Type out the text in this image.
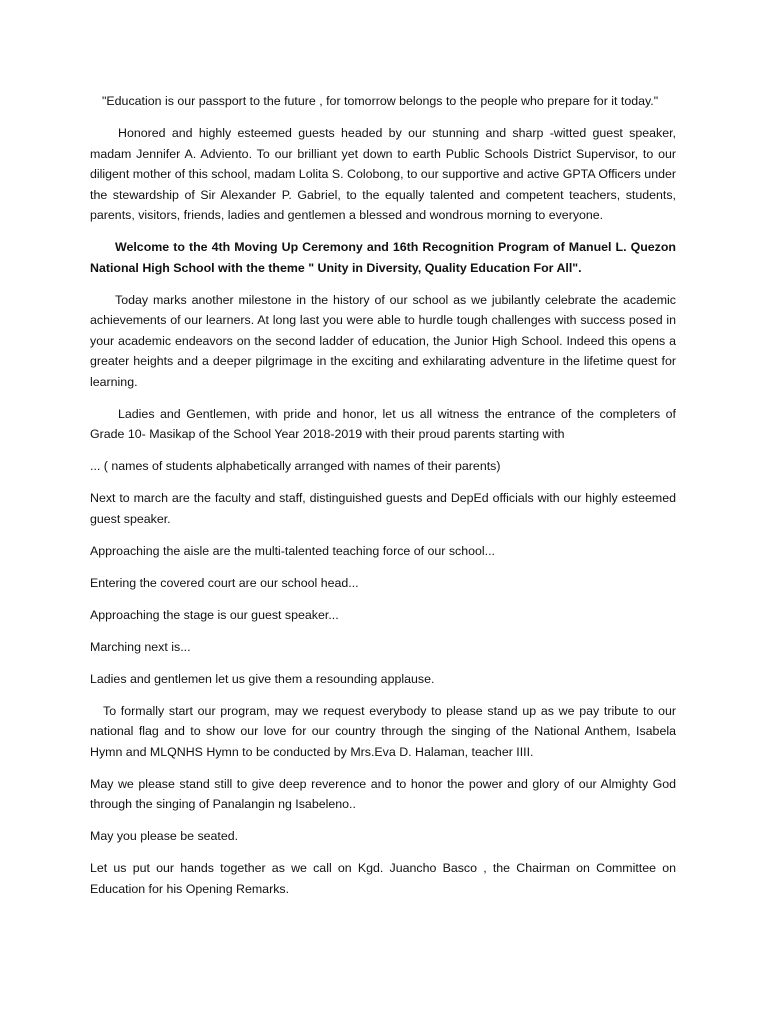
"Education is our passport to the future , for tomorrow belongs to the people who prepare for it today."

Honored and highly esteemed guests headed by our stunning and sharp -witted guest speaker, madam Jennifer A. Adviento. To our brilliant yet down to earth Public Schools District Supervisor, to our diligent mother of this school, madam Lolita S. Colobong, to our supportive and active GPTA Officers under the stewardship of Sir Alexander P. Gabriel, to the equally talented and competent teachers, students, parents, visitors, friends, ladies and gentlemen a blessed and wondrous morning to everyone.

Welcome to the 4th Moving Up Ceremony and 16th Recognition Program of Manuel L. Quezon National High School with the theme " Unity in Diversity, Quality Education For All".

Today marks another milestone in the history of our school as we jubilantly celebrate the academic achievements of our learners. At long last you were able to hurdle tough challenges with success posed in your academic endeavors on the second ladder of education, the Junior High School. Indeed this opens a greater heights and a deeper pilgrimage in the exciting and exhilarating adventure in the lifetime quest for learning.

Ladies and Gentlemen, with pride and honor, let us all witness the entrance of the completers of Grade 10- Masikap of the School Year 2018-2019 with their proud parents starting with

... ( names of students alphabetically arranged with names of their parents)

Next to march are the faculty and staff, distinguished guests and DepEd officials with our highly esteemed guest speaker.

Approaching the aisle are the multi-talented teaching force of our school...

Entering the covered court are our school head...

Approaching the stage is our guest speaker...

Marching next is...

Ladies and gentlemen let us give them a resounding applause.

To formally start our program, may we request everybody to please stand up as we pay tribute to our national flag and to show our love for our country through the singing of the National Anthem, Isabela Hymn and MLQNHS Hymn to be conducted by Mrs.Eva D. Halaman, teacher IIII.

May we please stand still to give deep reverence and to honor the power and glory of our Almighty God through the singing of Panalangin ng Isabeleno..

May you please be seated.

Let us put our hands together as we call on Kgd. Juancho Basco , the Chairman on Committee on Education for his Opening Remarks.
